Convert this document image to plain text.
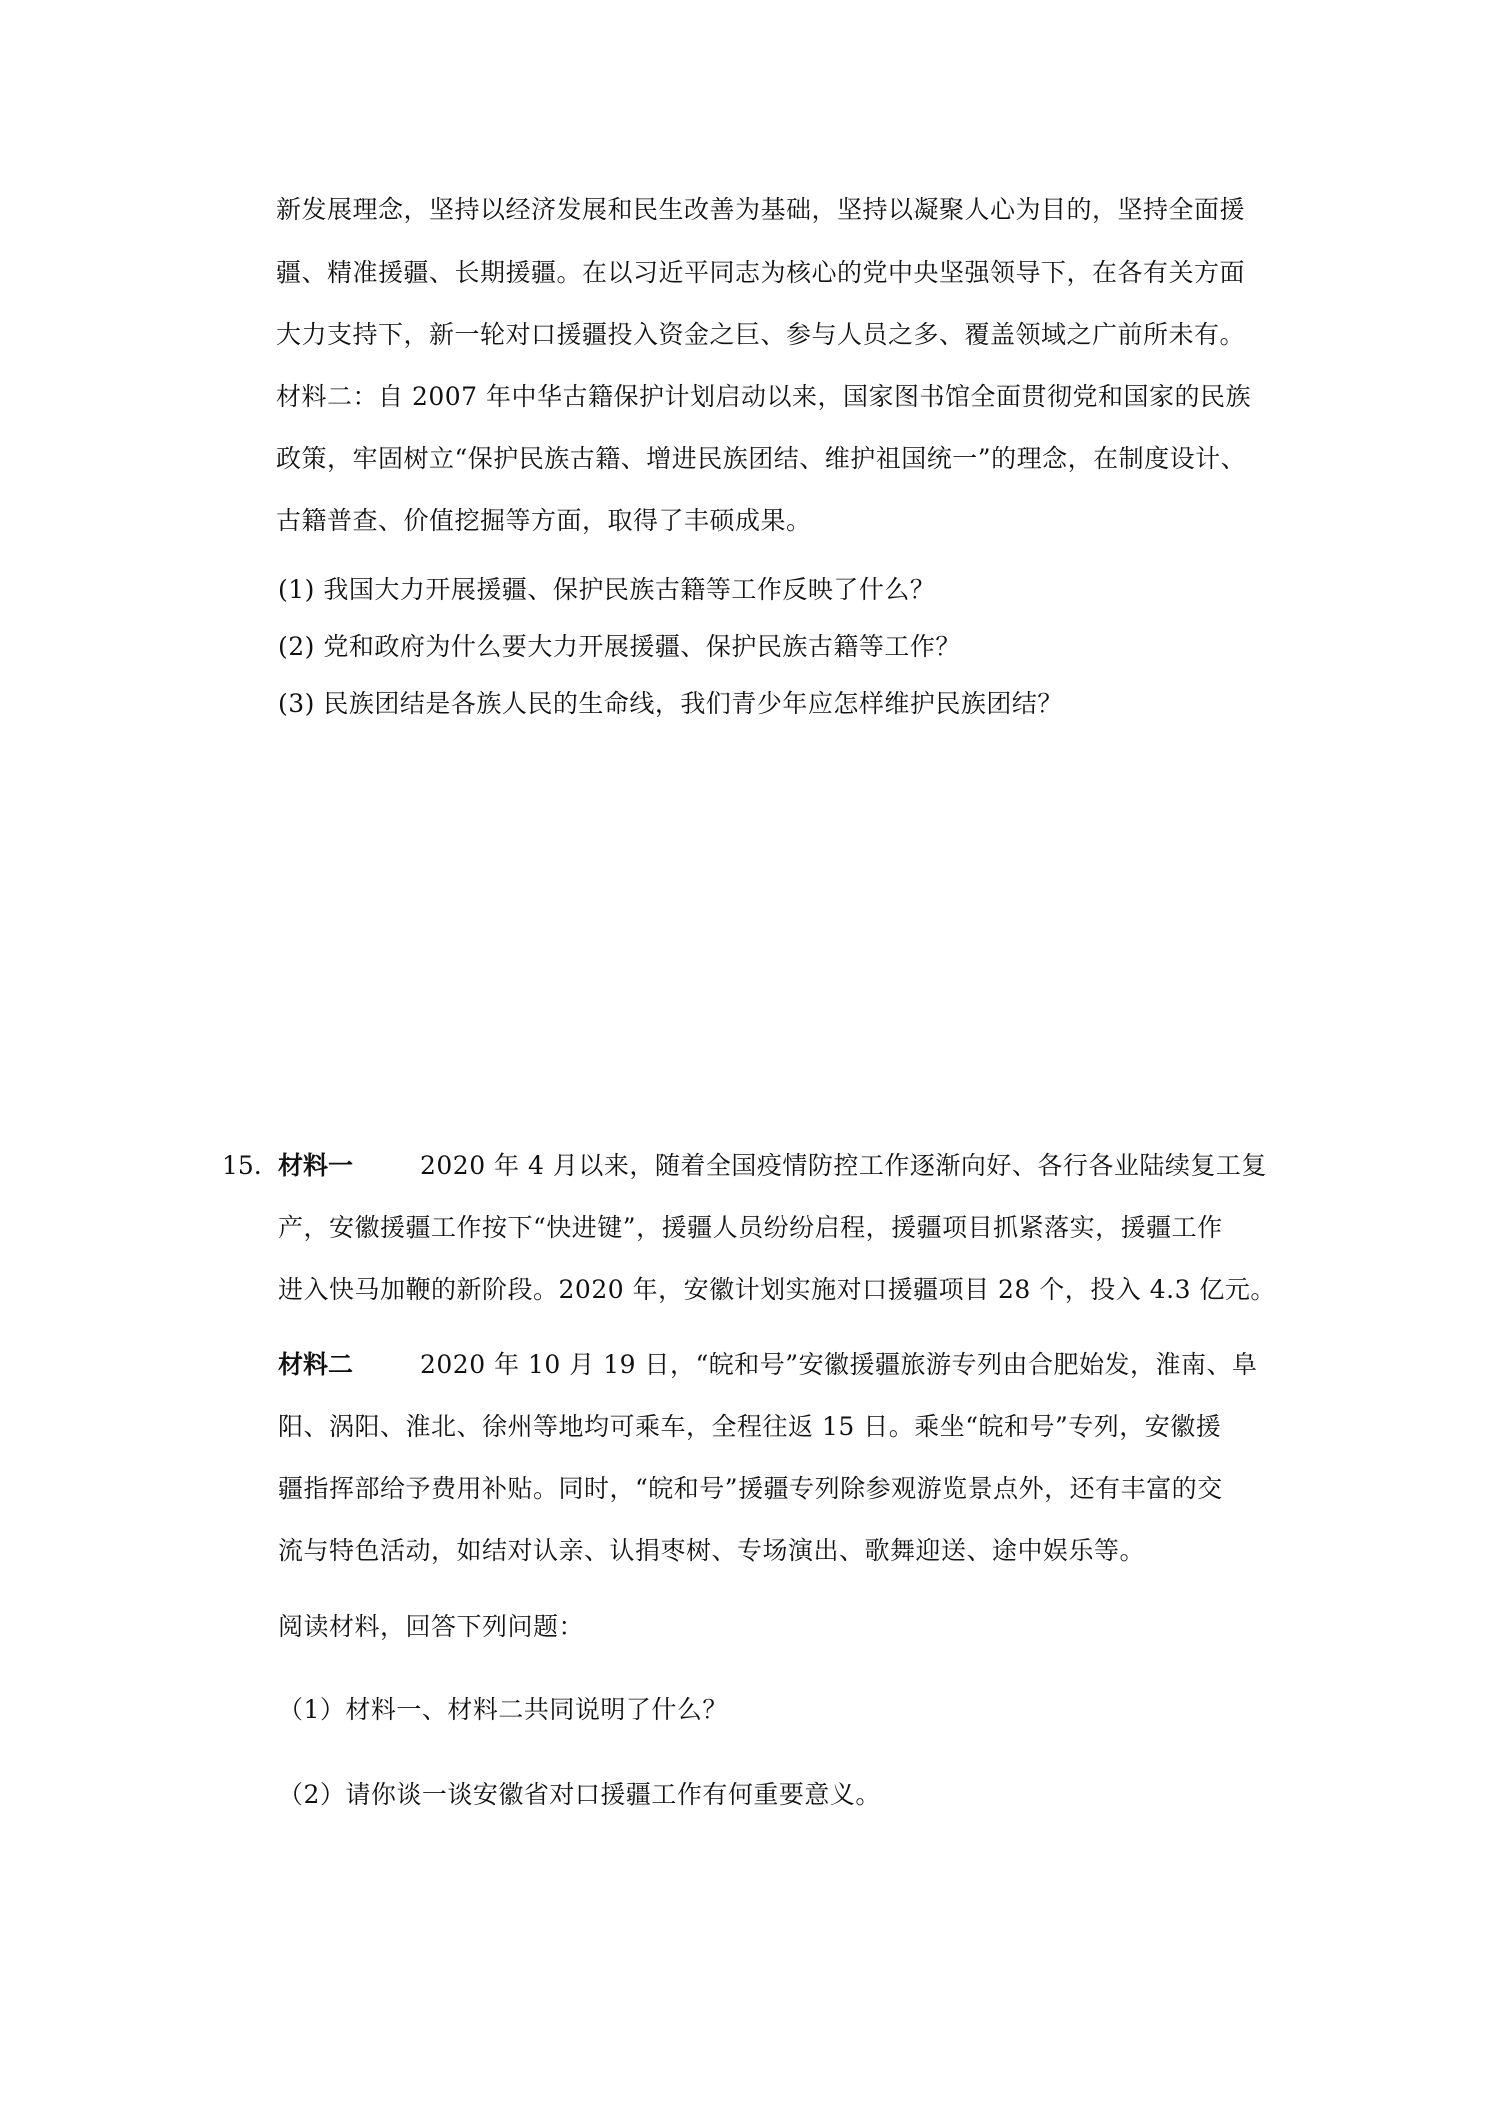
新发展理念，坚持以经济发展和民生改善为基础，坚持以凝聚人心为目的，坚持全面援
疆、精准援疆、长期援疆。在以习近平同志为核心的党中央坚强领导下，在各有关方面
大力支持下，新一轮对口援疆投入资金之巨、参与人员之多、覆盖领域之广前所未有。
材料二：自 2007 年中华古籍保护计划启动以来，国家图书馆全面贯彻党和国家的民族
政策，牢固树立“保护民族古籍、增进民族团结、维护祖国统一”的理念，在制度设计、
古籍普查、价值挖掘等方面，取得了丰硕成果。
(1) 我国大力开展援疆、保护民族古籍等工作反映了什么？
(2) 党和政府为什么要大力开展援疆、保护民族古籍等工作？
(3) 民族团结是各族人民的生命线，我们青少年应怎样维护民族团结？
15. 材料一	2020 年 4 月以来，随着全国疫情防控工作逐渐向好、各行各业陆续复工复
产，安徽援疆工作按下“快进键”，援疆人员纷纷启程，援疆项目抓紧落实，援疆工作
进入快马加鞭的新阶段。2020 年，安徽计划实施对口援疆项目 28 个，投入 4.3 亿元。
材料二	2020 年 10 月 19 日，“皖和号”安徽援疆旅游专列由合肥始发，淮南、阜
阳、涡阳、淮北、徐州等地均可乘车，全程往返 15 日。乘坐“皖和号”专列，安徽援
疆指挥部给予费用补贴。同时，“皖和号”援疆专列除参观游览景点外，还有丰富的交
流与特色活动，如结对认亲、认捐枣树、专场演出、歌舞迎送、途中娱乐等。
阅读材料，回答下列问题：
（1）材料一、材料二共同说明了什么？
（2）请你谈一谈安徽省对口援疆工作有何重要意义。
